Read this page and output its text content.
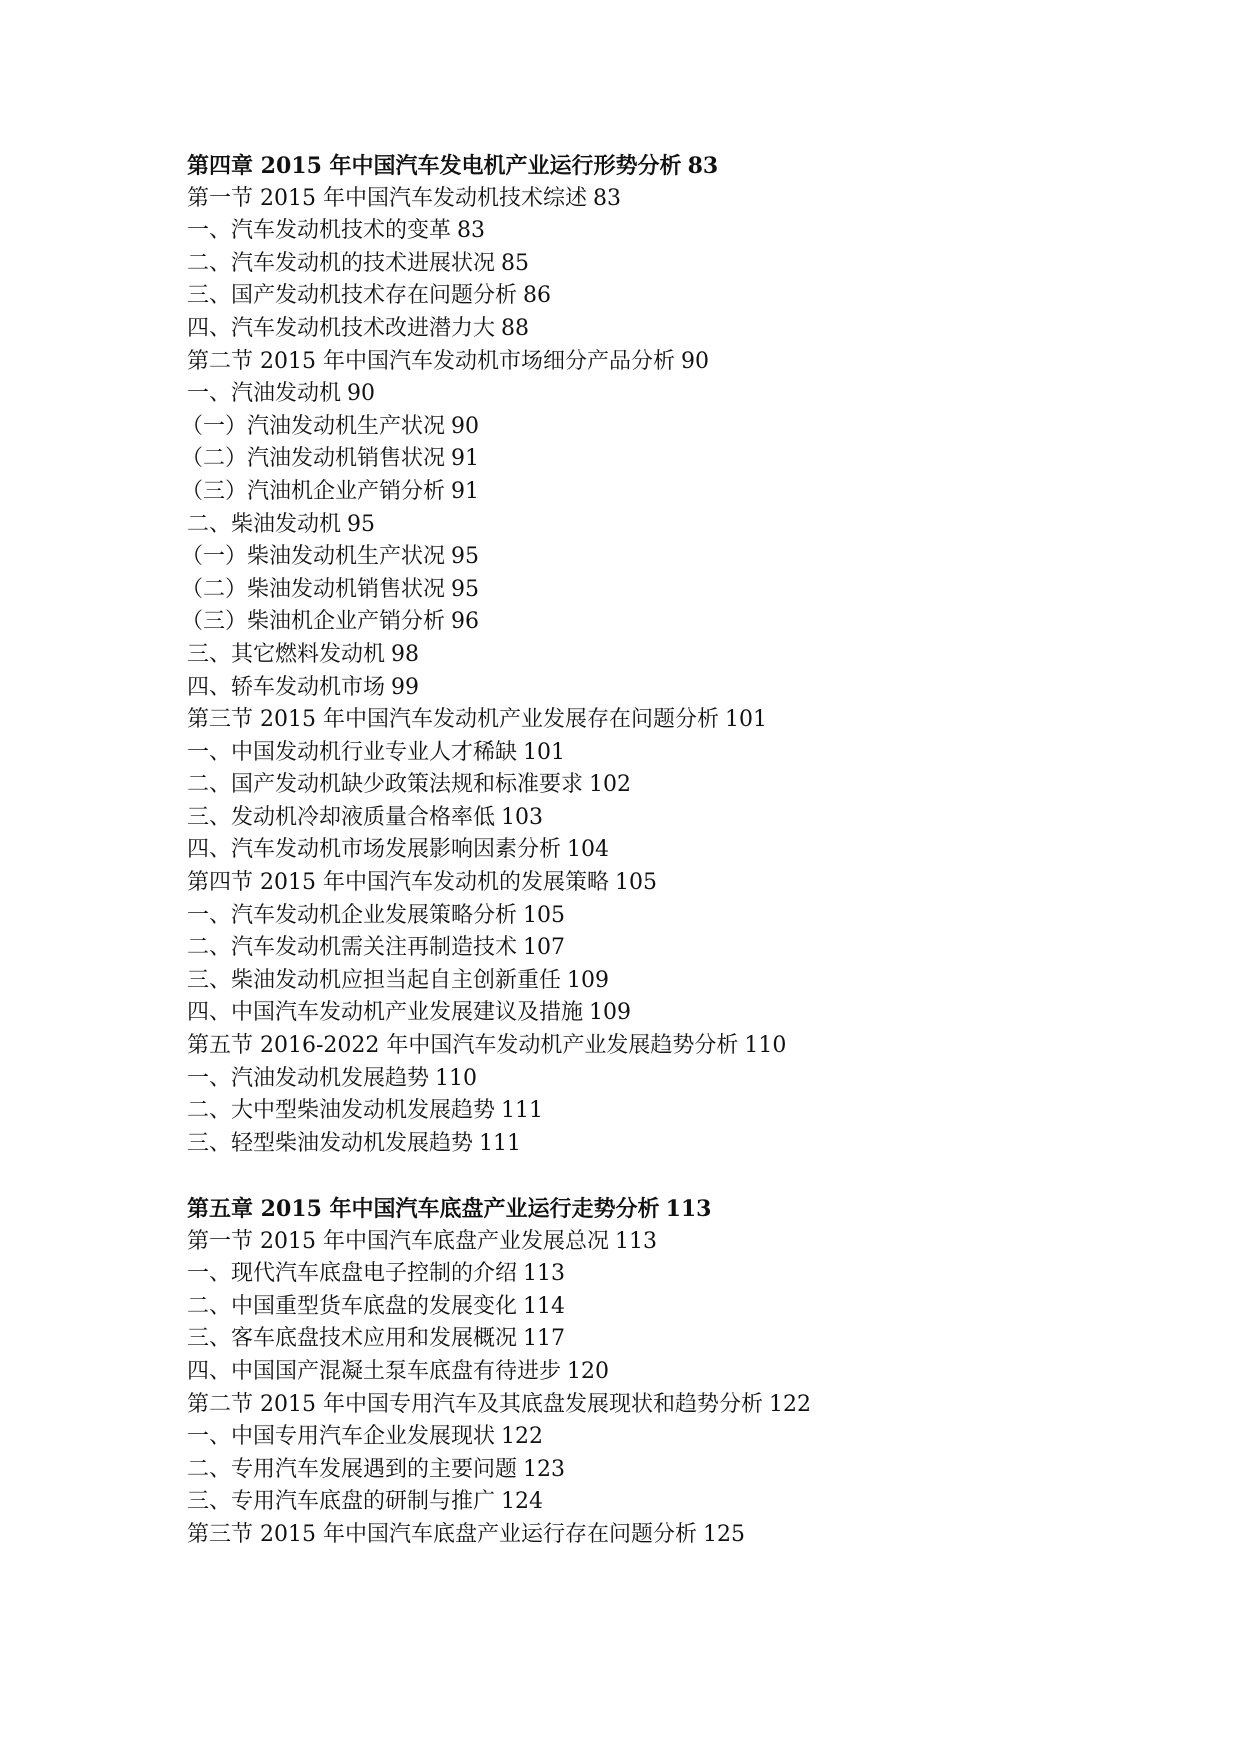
第四章 2015 年中国汽车发电机产业运行形势分析 83
第一节 2015 年中国汽车发动机技术综述 83
一、汽车发动机技术的变革 83
二、汽车发动机的技术进展状况 85
三、国产发动机技术存在问题分析 86
四、汽车发动机技术改进潜力大 88
第二节 2015 年中国汽车发动机市场细分产品分析 90
一、汽油发动机 90
（一）汽油发动机生产状况 90
（二）汽油发动机销售状况 91
（三）汽油机企业产销分析 91
二、柴油发动机 95
（一）柴油发动机生产状况 95
（二）柴油发动机销售状况 95
（三）柴油机企业产销分析 96
三、其它燃料发动机 98
四、轿车发动机市场 99
第三节 2015 年中国汽车发动机产业发展存在问题分析 101
一、中国发动机行业专业人才稀缺 101
二、国产发动机缺少政策法规和标准要求 102
三、发动机冷却液质量合格率低 103
四、汽车发动机市场发展影响因素分析 104
第四节 2015 年中国汽车发动机的发展策略 105
一、汽车发动机企业发展策略分析 105
二、汽车发动机需关注再制造技术 107
三、柴油发动机应担当起自主创新重任 109
四、中国汽车发动机产业发展建议及措施 109
第五节 2016-2022 年中国汽车发动机产业发展趋势分析 110
一、汽油发动机发展趋势 110
二、大中型柴油发动机发展趋势 111
三、轻型柴油发动机发展趋势 111
第五章 2015 年中国汽车底盘产业运行走势分析 113
第一节 2015 年中国汽车底盘产业发展总况 113
一、现代汽车底盘电子控制的介绍 113
二、中国重型货车底盘的发展变化 114
三、客车底盘技术应用和发展概况 117
四、中国国产混凝土泵车底盘有待进步 120
第二节 2015 年中国专用汽车及其底盘发展现状和趋势分析 122
一、中国专用汽车企业发展现状 122
二、专用汽车发展遇到的主要问题 123
三、专用汽车底盘的研制与推广 124
第三节 2015 年中国汽车底盘产业运行存在问题分析 125
